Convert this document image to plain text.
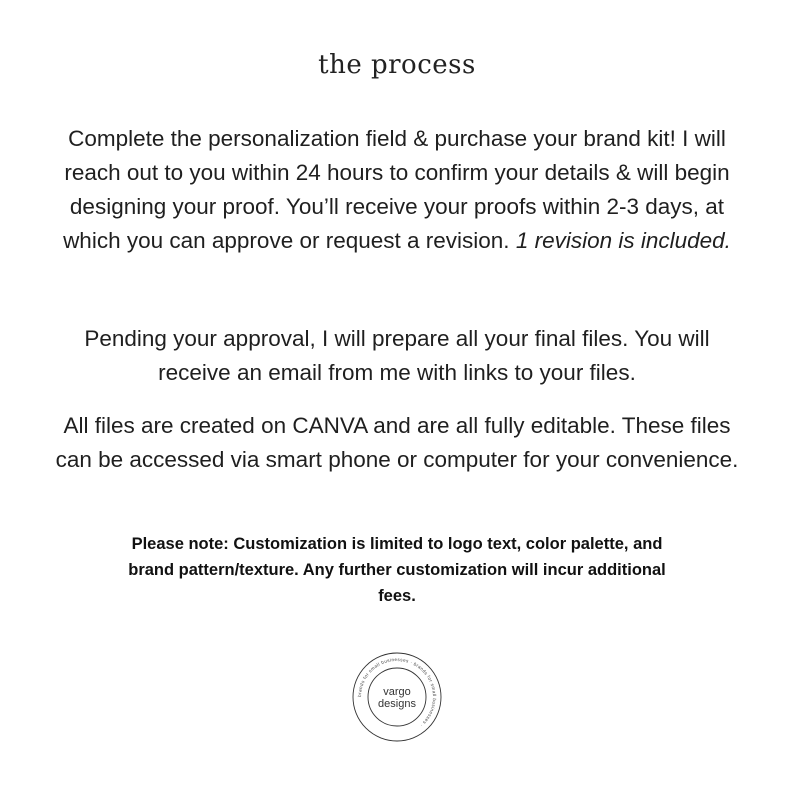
the process

Complete the personalization field & purchase your brand kit! I will reach out to you within 24 hours to confirm your details & will begin designing your proof. You’ll receive your proofs within 2-3 days, at which you can approve or request a revision. 1 revision is included.

Pending your approval, I will prepare all your final files. You will receive an email from me with links to your files.

All files are created on CANVA and are all fully editable. These files can be accessed via smart phone or computer for your convenience.

Please note: Customization is limited to logo text, color palette, and brand pattern/texture. Any further customization will incur additional fees.

brands for small businesses · brands for small businesses ·
vargo
designs
